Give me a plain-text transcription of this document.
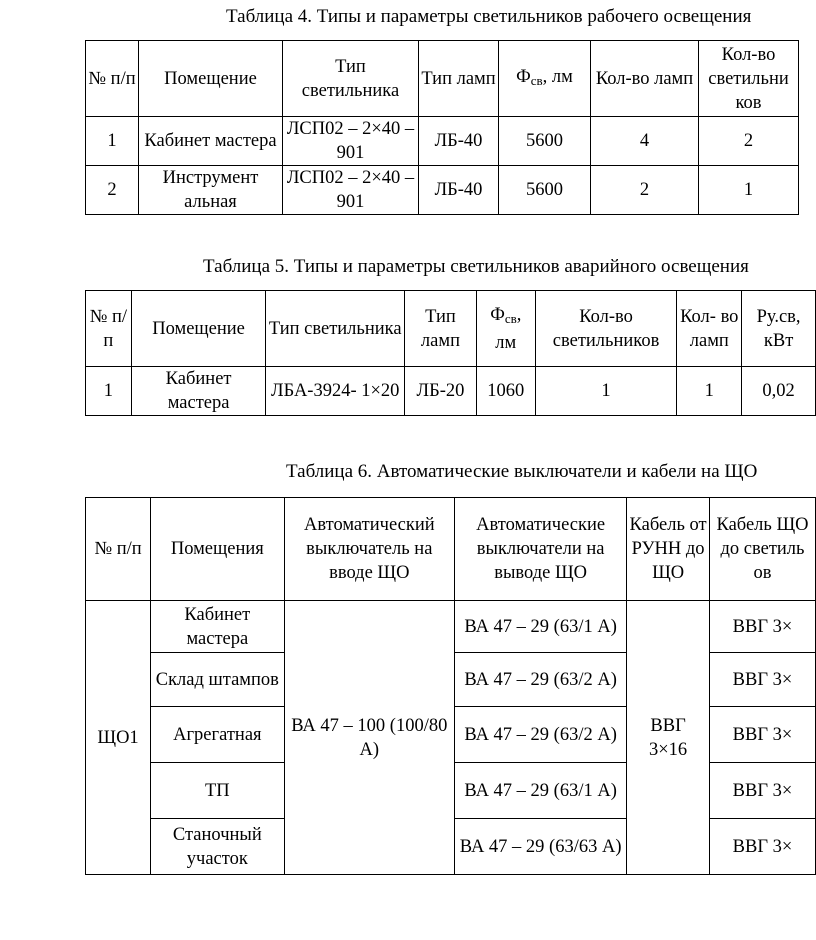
Таблица 4. Типы и параметры светильников рабочего освещения
№ п/п	Помещение	Тип светильника	Тип ламп	$Ф_{св}$, лм	Кол-во ламп	Кол-во светильни ков
1	Кабинет мастера	ЛСП02 – 2×40 – 901	ЛБ-40	5600	4	2
2	Инструмент альная	ЛСП02 – 2×40 – 901	ЛБ-40	5600	2	1
Таблица 5. Типы и параметры светильников аварийного освещения
№ п/п	Помещение	Тип светильника	Тип ламп	$Ф_{св}$, лм	Кол-во светильников	Кол- во ламп	Ру.св, кВт
1	Кабинет мастера	ЛБА-3924- 1×20	ЛБ-20	1060	1	1	0,02
Таблица 6. Автоматические выключатели и кабели на ЩО
№ п/п	Помещения	Автоматический выключатель на вводе ЩО	Автоматические выключатели на выводе ЩО	Кабель от РУНН до ЩО	Кабель ЩО до светиль ов
ЩО1	Кабинет мастера	ВА 47 – 100 (100/80 А)	ВА 47 – 29 (63/1 А)	ВВГ 3×16	ВВГ 3×
	Склад штампов		ВА 47 – 29 (63/2 А)		ВВГ 3×
	Агрегатная		ВА 47 – 29 (63/2 А)		ВВГ 3×
	ТП		ВА 47 – 29 (63/1 А)		ВВГ 3×
	Станочный участок		ВА 47 – 29 (63/63 А)		ВВГ 3×
